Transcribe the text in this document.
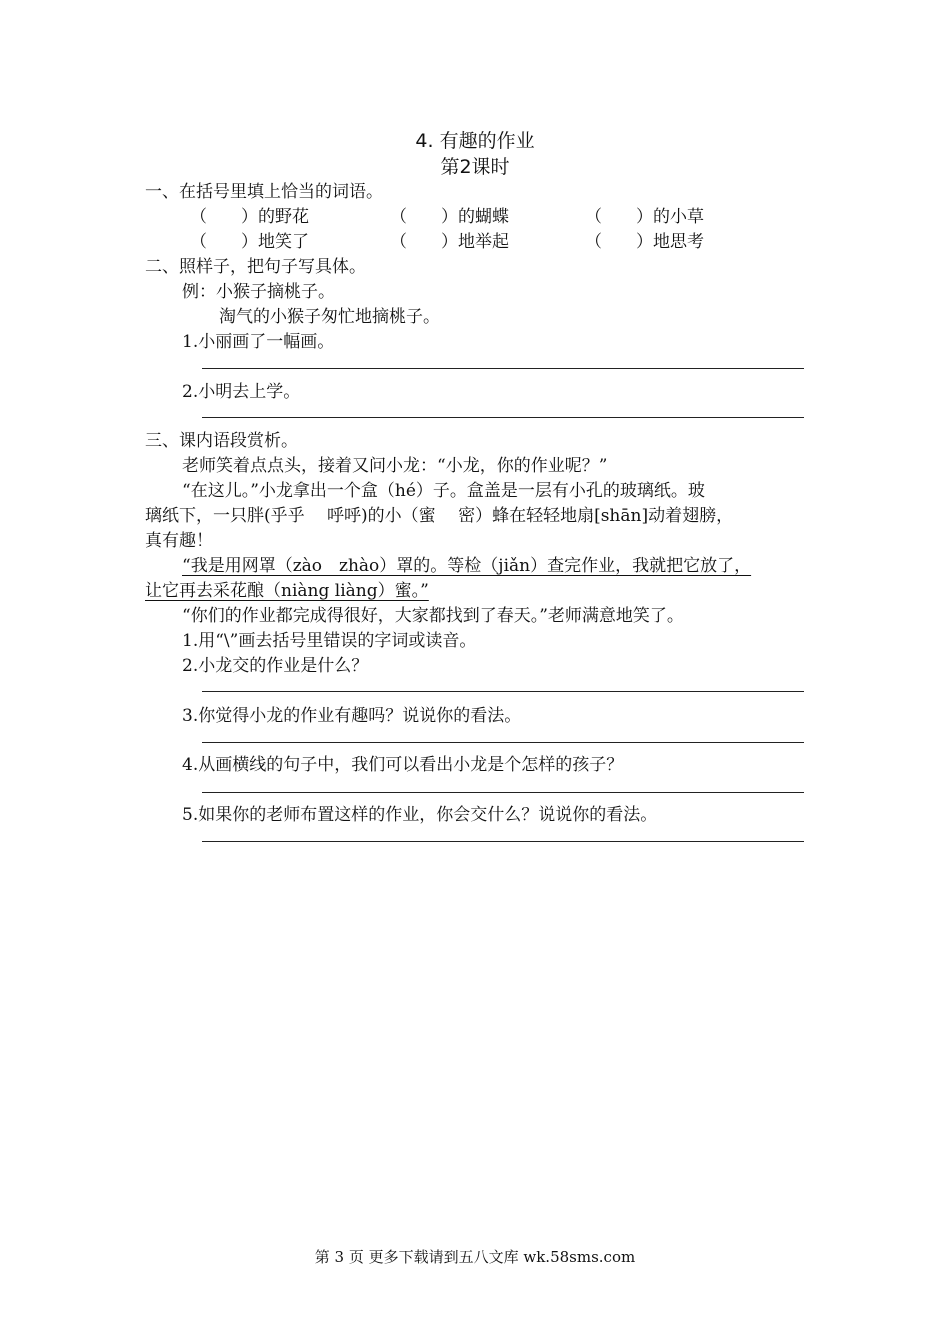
4. 有趣的作业
第2课时
一、在括号里填上恰当的词语。
（　　）的野花	（　　）的蝴蝶	（　　）的小草
（　　）地笑了	（　　）地举起	（　　）地思考
二、照样子，把句子写具体。
例：小猴子摘桃子。
淘气的小猴子匆忙地摘桃子。
1.小丽画了一幅画。
2.小明去上学。
三、课内语段赏析。
老师笑着点点头，接着又问小龙：“小龙，你的作业呢？”
“在这儿。”小龙拿出一个盒（hé）子。盒盖是一层有小孔的玻璃纸。玻
璃纸下，一只胖(乎乎　 呼呼)的小（蜜　 密）蜂在轻轻地扇[shān]动着翅膀，
真有趣！
“我是用网罩（zào　zhào）罩的。等检（jiǎn）查完作业，我就把它放了，
让它再去采花酿（niàng liàng）蜜。”
“你们的作业都完成得很好，大家都找到了春天。”老师满意地笑了。
1.用“\”画去括号里错误的字词或读音。
2.小龙交的作业是什么？
3.你觉得小龙的作业有趣吗？说说你的看法。
4.从画横线的句子中，我们可以看出小龙是个怎样的孩子？
5.如果你的老师布置这样的作业，你会交什么？说说你的看法。
第 3 页 更多下载请到五八文库 wk.58sms.com
